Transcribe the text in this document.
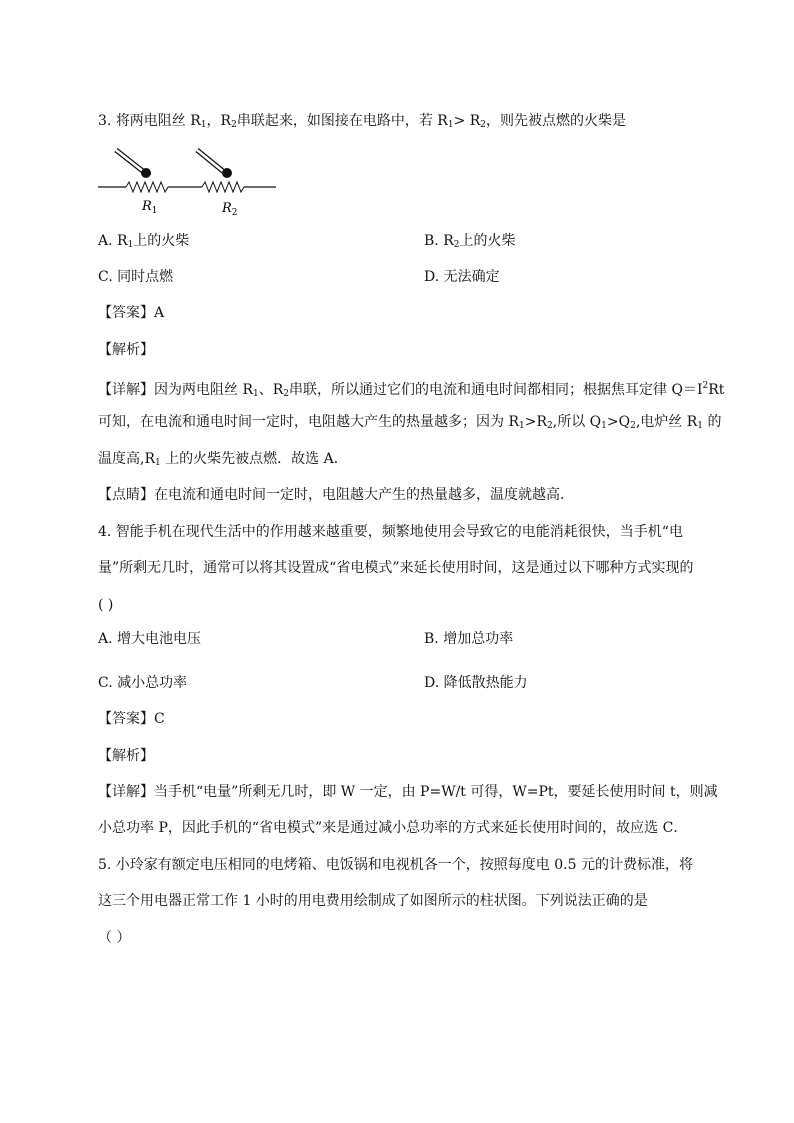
3. 将两电阻丝 $R_1$，$R_2$串联起来，如图接在电路中，若 $R_1> R_2$，则先被点燃的火柴是
$R_1$	$R_2$
A. $R_1$上的火柴	B. $R_2$上的火柴
C. 同时点燃	D. 无法确定
【答案】A
【解析】
【详解】因为两电阻丝 $R_1$、$R_2$串联，所以通过它们的电流和通电时间都相同；根据焦耳定律 $Q=I^2Rt$
可知，在电流和通电时间一定时，电阻越大产生的热量越多；因为 $R_1>R_2$,所以 $Q_1>Q_2$,电炉丝 $R_1$ 的
温度高$,R_1$ 上的火柴先被点燃．故选 A.
【点睛】在电流和通电时间一定时，电阻越大产生的热量越多，温度就越高．
4. 智能手机在现代生活中的作用越来越重要，频繁地使用会导致它的电能消耗很快，当手机“电
量”所剩无几时，通常可以将其设置成“省电模式”来延长使用时间，这是通过以下哪种方式实现的
( )
A. 增大电池电压	B. 增加总功率
C. 减小总功率	D. 降低散热能力
【答案】C
【解析】
【详解】当手机“电量”所剩无几时，即 W 一定，由 P=W/t 可得，W=Pt，要延长使用时间 t，则减
小总功率 P，因此手机的“省电模式”来是通过减小总功率的方式来延长使用时间的，故应选 C．
5. 小玲家有额定电压相同的电烤箱、电饭锅和电视机各一个，按照每度电 0.5 元的计费标准，将
这三个用电器正常工作 1 小时的用电费用绘制成了如图所示的柱状图。下列说法正确的是
（ ）
